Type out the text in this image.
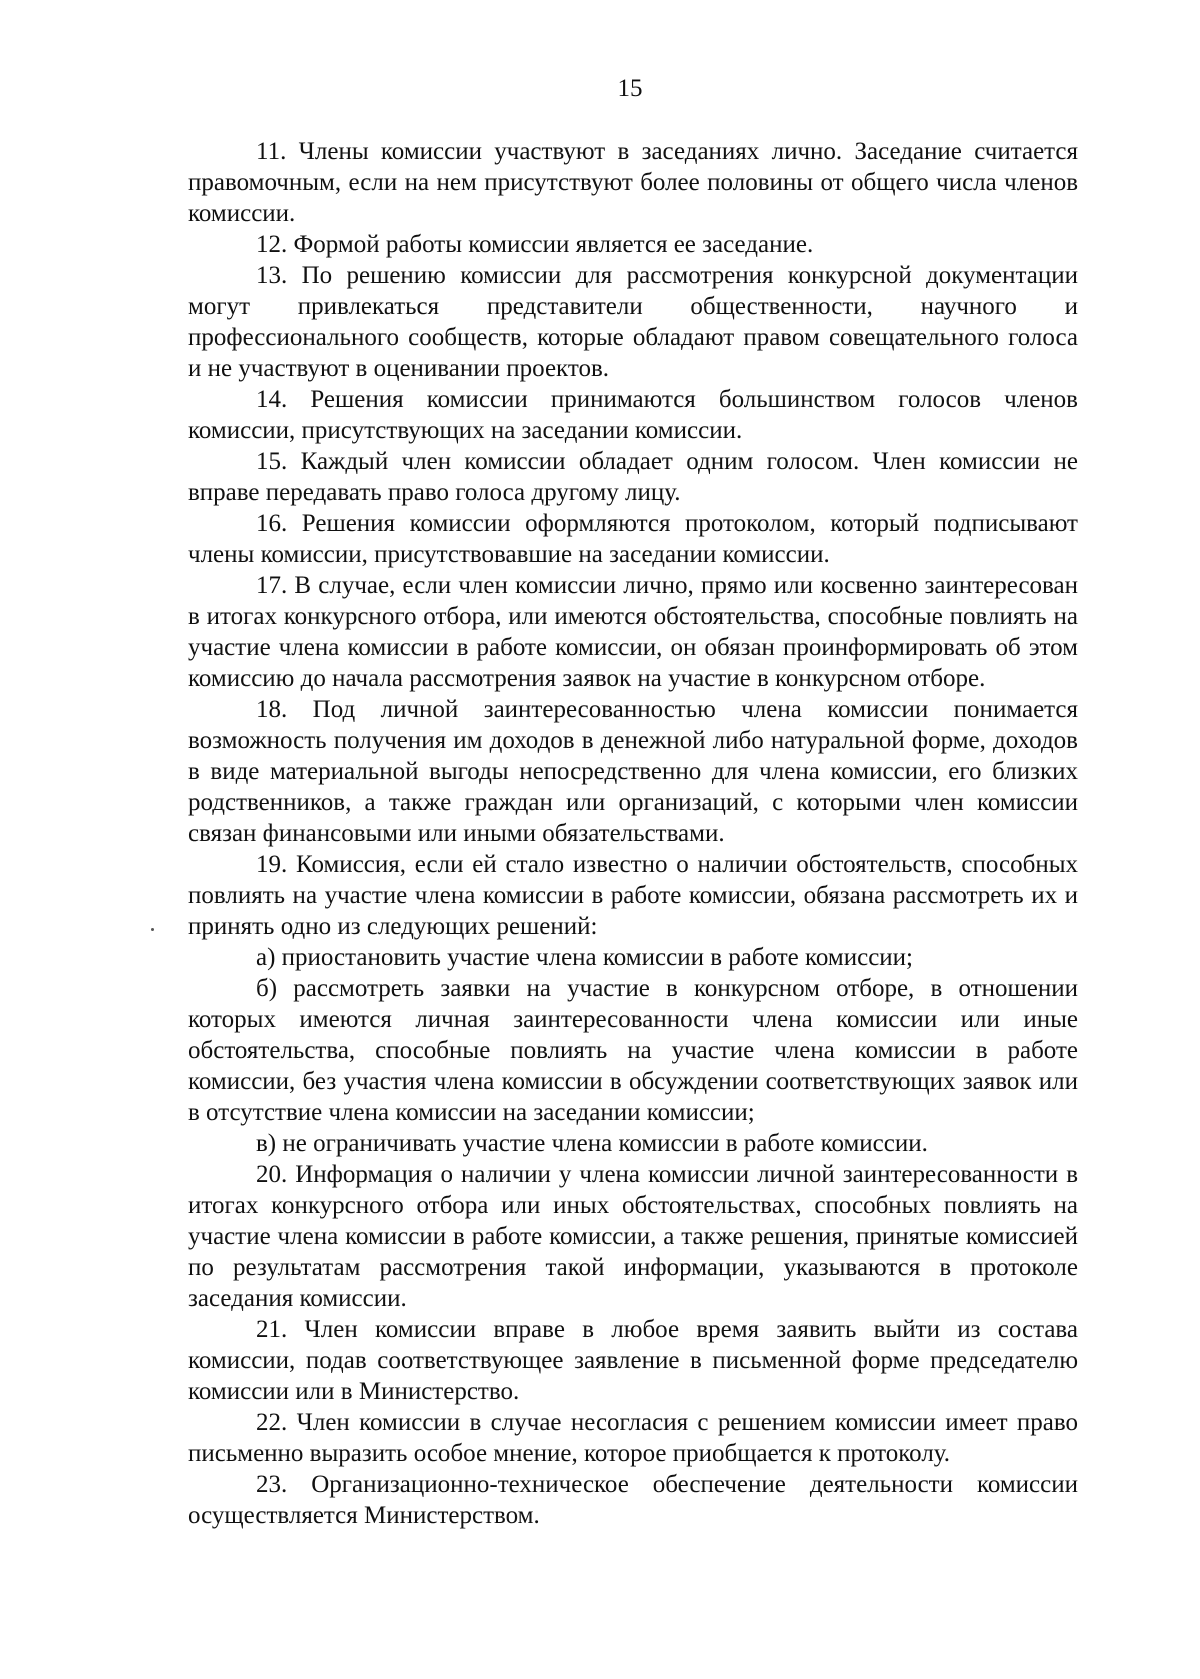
15

11. Члены комиссии участвуют в заседаниях лично. Заседание считается правомочным, если на нем присутствуют более половины от общего числа членов комиссии.

12. Формой работы комиссии является ее заседание.

13. По решению комиссии для рассмотрения конкурсной документации могут привлекаться представители общественности, научного и профессионального сообществ, которые обладают правом совещательного голоса и не участвуют в оценивании проектов.

14. Решения комиссии принимаются большинством голосов членов комиссии, присутствующих на заседании комиссии.

15. Каждый член комиссии обладает одним голосом. Член комиссии не вправе передавать право голоса другому лицу.

16. Решения комиссии оформляются протоколом, который подписывают члены комиссии, присутствовавшие на заседании комиссии.

17. В случае, если член комиссии лично, прямо или косвенно заинтересован в итогах конкурсного отбора, или имеются обстоятельства, способные повлиять на участие члена комиссии в работе комиссии, он обязан проинформировать об этом комиссию до начала рассмотрения заявок на участие в конкурсном отборе.

18. Под личной заинтересованностью члена комиссии понимается возможность получения им доходов в денежной либо натуральной форме, доходов в виде материальной выгоды непосредственно для члена комиссии, его близких родственников, а также граждан или организаций, с которыми член комиссии связан финансовыми или иными обязательствами.

19. Комиссия, если ей стало известно о наличии обстоятельств, способных повлиять на участие члена комиссии в работе комиссии, обязана рассмотреть их и принять одно из следующих решений:

а) приостановить участие члена комиссии в работе комиссии;

б) рассмотреть заявки на участие в конкурсном отборе, в отношении которых имеются личная заинтересованности члена комиссии или иные обстоятельства, способные повлиять на участие члена комиссии в работе комиссии, без участия члена комиссии в обсуждении соответствующих заявок или в отсутствие члена комиссии на заседании комиссии;

в) не ограничивать участие члена комиссии в работе комиссии.

20. Информация о наличии у члена комиссии личной заинтересованности в итогах конкурсного отбора или иных обстоятельствах, способных повлиять на участие члена комиссии в работе комиссии, а также решения, принятые комиссией по результатам рассмотрения такой информации, указываются в протоколе заседания комиссии.

21. Член комиссии вправе в любое время заявить выйти из состава комиссии, подав соответствующее заявление в письменной форме председателю комиссии или в Министерство.

22. Член комиссии в случае несогласия с решением комиссии имеет право письменно выразить особое мнение, которое приобщается к протоколу.

23. Организационно-техническое обеспечение деятельности комиссии осуществляется Министерством.
